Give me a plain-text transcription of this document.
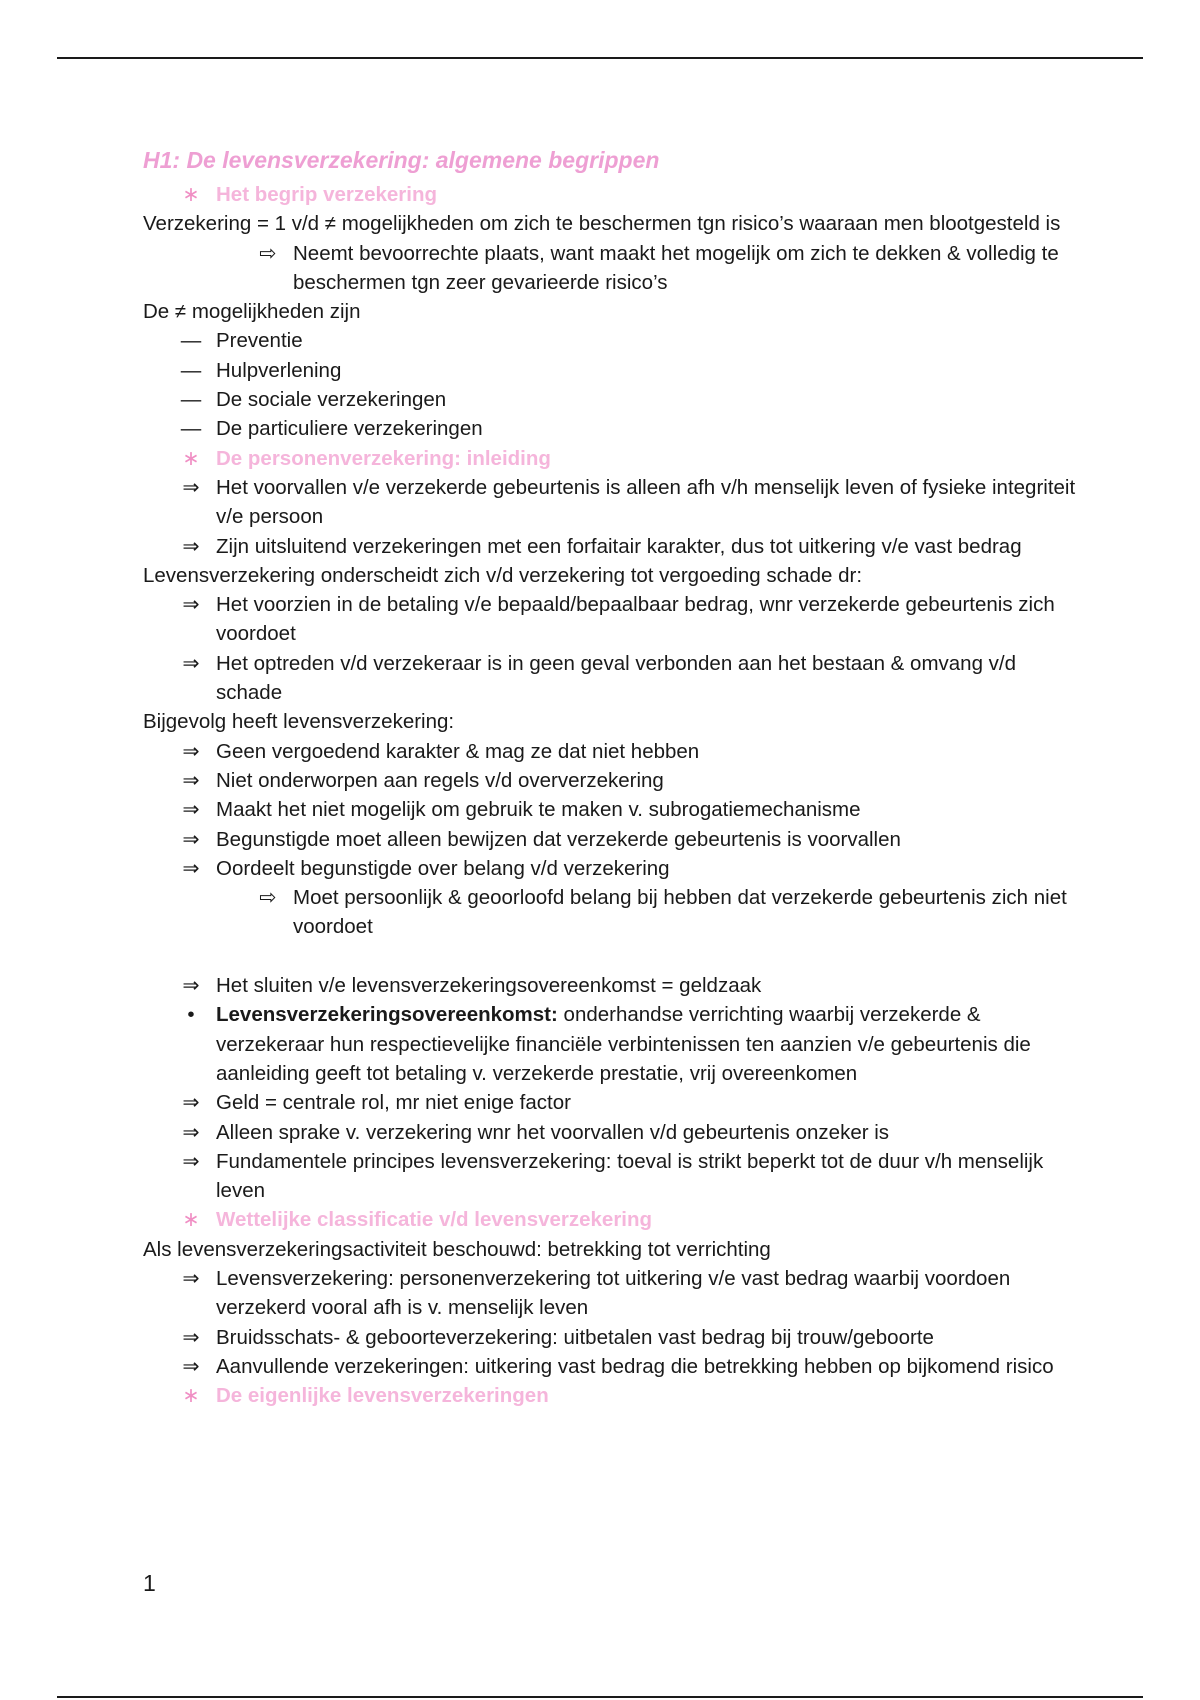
H1: De levensverzekering: algemene begrippen
∗ Het begrip verzekering

Verzekering = 1 v/d ≠ mogelijkheden om zich te beschermen tgn risico’s waaraan men blootgesteld is

⇨ Neemt bevoorrechte plaats, want maakt het mogelijk om zich te dekken & volledig te beschermen tgn zeer gevarieerde risico’s

De ≠ mogelijkheden zijn

— Preventie
— Hulpverlening
— De sociale verzekeringen
— De particuliere verzekeringen
∗ De personenverzekering: inleiding
⇒ Het voorvallen v/e verzekerde gebeurtenis is alleen afh v/h menselijk leven of fysieke integriteit v/e persoon
⇒ Zijn uitsluitend verzekeringen met een forfaitair karakter, dus tot uitkering v/e vast bedrag

Levensverzekering onderscheidt zich v/d verzekering tot vergoeding schade dr:

⇒ Het voorzien in de betaling v/e bepaald/bepaalbaar bedrag, wnr verzekerde gebeurtenis zich voordoet
⇒ Het optreden v/d verzekeraar is in geen geval verbonden aan het bestaan & omvang v/d schade

Bijgevolg heeft levensverzekering:

⇒ Geen vergoedend karakter & mag ze dat niet hebben
⇒ Niet onderworpen aan regels v/d oververzekering
⇒ Maakt het niet mogelijk om gebruik te maken v. subrogatiemechanisme
⇒ Begunstigde moet alleen bewijzen dat verzekerde gebeurtenis is voorvallen
⇒ Oordeelt begunstigde over belang v/d verzekering
⇨ Moet persoonlijk & geoorloofd belang bij hebben dat verzekerde gebeurtenis zich niet voordoet
⇒ Het sluiten v/e levensverzekeringsovereenkomst = geldzaak
•	Levensverzekeringsovereenkomst: onderhandse verrichting waarbij verzekerde & verzekeraar hun respectievelijke financiële verbintenissen ten aanzien v/e gebeurtenis die aanleiding geeft tot betaling v. verzekerde prestatie, vrij overeenkomen
⇒ Geld = centrale rol, mr niet enige factor
⇒ Alleen sprake v. verzekering wnr het voorvallen v/d gebeurtenis onzeker is
⇒ Fundamentele principes levensverzekering: toeval is strikt beperkt tot de duur v/h menselijk leven
∗ Wettelijke classificatie v/d levensverzekering

Als levensverzekeringsactiviteit beschouwd: betrekking tot verrichting

⇒ Levensverzekering: personenverzekering tot uitkering v/e vast bedrag waarbij voordoen verzekerd vooral afh is v. menselijk leven
⇒ Bruidsschats- & geboorteverzekering: uitbetalen vast bedrag bij trouw/geboorte
⇒ Aanvullende verzekeringen: uitkering vast bedrag die betrekking hebben op bijkomend risico
∗ De eigenlijke levensverzekeringen
1
